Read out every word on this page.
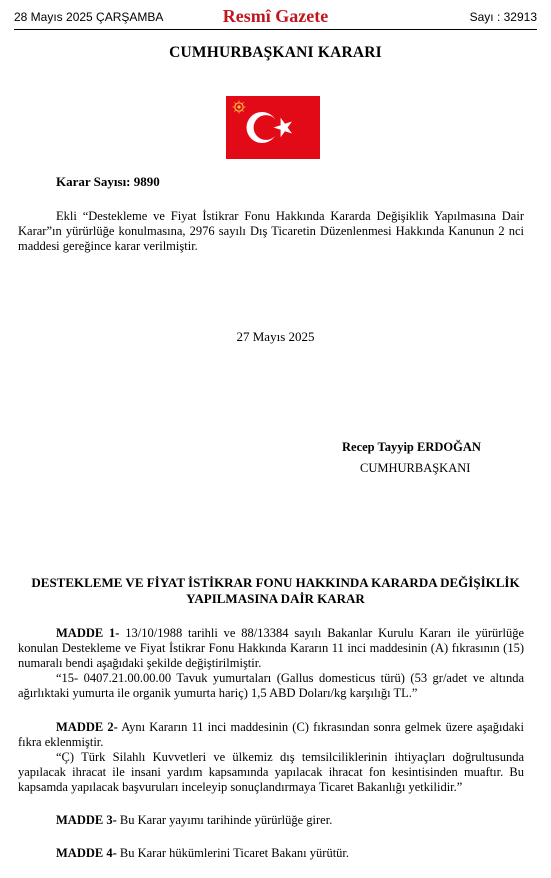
28 Mayıs 2025 ÇARŞAMBA	Resmî Gazete	Sayı : 32913
CUMHURBAŞKANI KARARI
Karar Sayısı: 9890
Ekli “Destekleme ve Fiyat İstikrar Fonu Hakkında Kararda Değişiklik Yapılmasına Dair Karar”ın yürürlüğe konulmasına, 2976 sayılı Dış Ticaretin Düzenlenmesi Hakkında Kanunun 2 nci maddesi gereğince karar verilmiştir.
27 Mayıs 2025
Recep Tayyip ERDOĞAN
CUMHURBAŞKANI
DESTEKLEME VE FİYAT İSTİKRAR FONU HAKKINDA KARARDA DEĞİŞİKLİK
YAPILMASINA DAİR KARAR
MADDE 1- 13/10/1988 tarihli ve 88/13384 sayılı Bakanlar Kurulu Kararı ile yürürlüğe konulan Destekleme ve Fiyat İstikrar Fonu Hakkında Kararın 11 inci maddesinin (A) fıkrasının (15) numaralı bendi aşağıdaki şekilde değiştirilmiştir.
“15- 0407.21.00.00.00 Tavuk yumurtaları (Gallus domesticus türü) (53 gr/adet ve altında ağırlıktaki yumurta ile organik yumurta hariç) 1,5 ABD Doları/kg karşılığı TL.”
MADDE 2- Aynı Kararın 11 inci maddesinin (C) fıkrasından sonra gelmek üzere aşağıdaki fıkra eklenmiştir.
“Ç) Türk Silahlı Kuvvetleri ve ülkemiz dış temsilciliklerinin ihtiyaçları doğrultusunda yapılacak ihracat ile insani yardım kapsamında yapılacak ihracat fon kesintisinden muaftır. Bu kapsamda yapılacak başvuruları inceleyip sonuçlandırmaya Ticaret Bakanlığı yetkilidir.”
MADDE 3- Bu Karar yayımı tarihinde yürürlüğe girer.
MADDE 4- Bu Karar hükümlerini Ticaret Bakanı yürütür.
